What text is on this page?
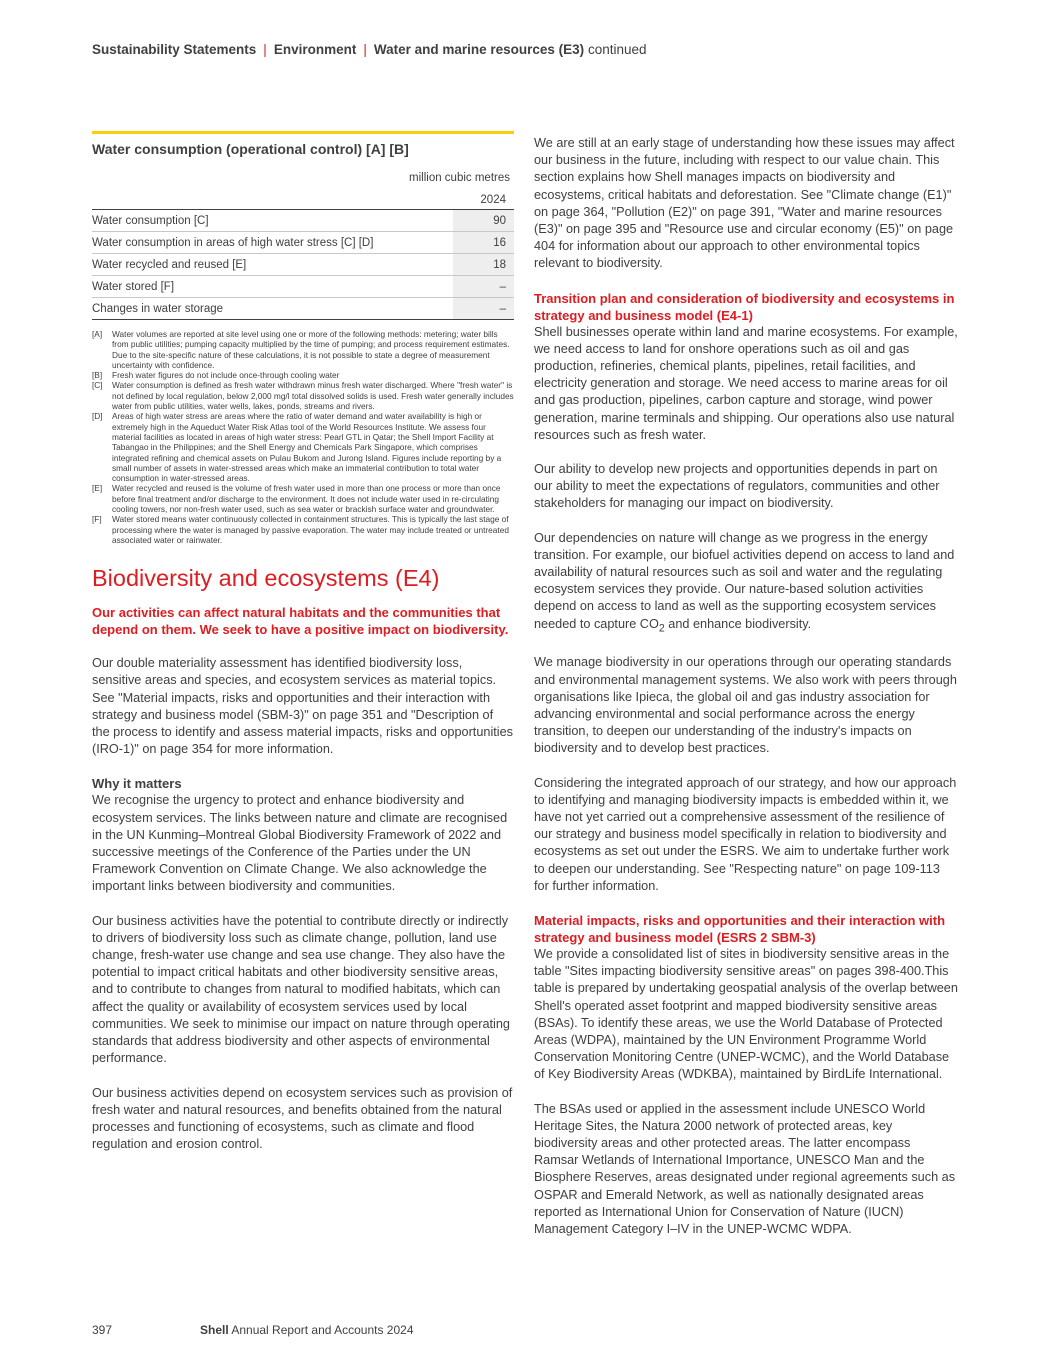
Sustainability Statements | Environment | Water and marine resources (E3) continued
Water consumption (operational control) [A] [B]
million cubic metres
2024
Water consumption [C]	90
Water consumption in areas of high water stress [C] [D]	16
Water recycled and reused [E]	18
Water stored [F]	–
Changes in water storage	–
[A]	Water volumes are reported at site level using one or more of the following methods: metering; water bills from public utilities; pumping capacity multiplied by the time of pumping; and process requirement estimates. Due to the site-specific nature of these calculations, it is not possible to state a degree of measurement uncertainty with confidence.
[B]	Fresh water figures do not include once-through cooling water
[C]	Water consumption is defined as fresh water withdrawn minus fresh water discharged. Where "fresh water" is not defined by local regulation, below 2,000 mg/l total dissolved solids is used. Fresh water generally includes water from public utilities, water wells, lakes, ponds, streams and rivers.
[D]	Areas of high water stress are areas where the ratio of water demand and water availability is high or extremely high in the Aqueduct Water Risk Atlas tool of the World Resources Institute. We assess four material facilities as located in areas of high water stress: Pearl GTL in Qatar; the Shell Import Facility at Tabangao in the Philippines; and the Shell Energy and Chemicals Park Singapore, which comprises integrated refining and chemical assets on Pulau Bukom and Jurong Island. Figures include reporting by a small number of assets in water-stressed areas which make an immaterial contribution to total water consumption in water-stressed areas.
[E]	Water recycled and reused is the volume of fresh water used in more than one process or more than once before final treatment and/or discharge to the environment. It does not include water used in re-circulating cooling towers, nor non-fresh water used, such as sea water or brackish surface water and groundwater.
[F]	Water stored means water continuously collected in containment structures. This is typically the last stage of processing where the water is managed by passive evaporation. The water may include treated or untreated associated water or rainwater.
Biodiversity and ecosystems (E4)

Our activities can affect natural habitats and the communities that depend on them. We seek to have a positive impact on biodiversity.

Our double materiality assessment has identified biodiversity loss, sensitive areas and species, and ecosystem services as material topics. See "Material impacts, risks and opportunities and their interaction with strategy and business model (SBM-3)" on page 351 and "Description of the process to identify and assess material impacts, risks and opportunities (IRO-1)" on page 354 for more information.

Why it matters

We recognise the urgency to protect and enhance biodiversity and ecosystem services. The links between nature and climate are recognised in the UN Kunming–Montreal Global Biodiversity Framework of 2022 and successive meetings of the Conference of the Parties under the UN Framework Convention on Climate Change. We also acknowledge the important links between biodiversity and communities.

Our business activities have the potential to contribute directly or indirectly to drivers of biodiversity loss such as climate change, pollution, land use change, fresh-water use change and sea use change. They also have the potential to impact critical habitats and other biodiversity sensitive areas, and to contribute to changes from natural to modified habitats, which can affect the quality or availability of ecosystem services used by local communities. We seek to minimise our impact on nature through operating standards that address biodiversity and other aspects of environmental performance.

Our business activities depend on ecosystem services such as provision of fresh water and natural resources, and benefits obtained from the natural processes and functioning of ecosystems, such as climate and flood regulation and erosion control.

We are still at an early stage of understanding how these issues may affect our business in the future, including with respect to our value chain. This section explains how Shell manages impacts on biodiversity and ecosystems, critical habitats and deforestation. See "Climate change (E1)" on page 364, "Pollution (E2)" on page 391, "Water and marine resources (E3)" on page 395 and "Resource use and circular economy (E5)" on page 404 for information about our approach to other environmental topics relevant to biodiversity.

Transition plan and consideration of biodiversity and ecosystems in strategy and business model (E4-1)

Shell businesses operate within land and marine ecosystems. For example, we need access to land for onshore operations such as oil and gas production, refineries, chemical plants, pipelines, retail facilities, and electricity generation and storage. We need access to marine areas for oil and gas production, pipelines, carbon capture and storage, wind power generation, marine terminals and shipping. Our operations also use natural resources such as fresh water.

Our ability to develop new projects and opportunities depends in part on our ability to meet the expectations of regulators, communities and other stakeholders for managing our impact on biodiversity.

Our dependencies on nature will change as we progress in the energy transition. For example, our biofuel activities depend on access to land and availability of natural resources such as soil and water and the regulating ecosystem services they provide. Our nature-based solution activities depend on access to land as well as the supporting ecosystem services needed to capture $CO_2$ and enhance biodiversity.

We manage biodiversity in our operations through our operating standards and environmental management systems. We also work with peers through organisations like Ipieca, the global oil and gas industry association for advancing environmental and social performance across the energy transition, to deepen our understanding of the industry's impacts on biodiversity and to develop best practices.

Considering the integrated approach of our strategy, and how our approach to identifying and managing biodiversity impacts is embedded within it, we have not yet carried out a comprehensive assessment of the resilience of our strategy and business model specifically in relation to biodiversity and ecosystems as set out under the ESRS. We aim to undertake further work to deepen our understanding. See "Respecting nature" on page 109-113 for further information.

Material impacts, risks and opportunities and their interaction with strategy and business model (ESRS 2 SBM-3)

We provide a consolidated list of sites in biodiversity sensitive areas in the table "Sites impacting biodiversity sensitive areas" on pages 398-400.This table is prepared by undertaking geospatial analysis of the overlap between Shell's operated asset footprint and mapped biodiversity sensitive areas (BSAs). To identify these areas, we use the World Database of Protected Areas (WDPA), maintained by the UN Environment Programme World Conservation Monitoring Centre (UNEP-WCMC), and the World Database of Key Biodiversity Areas (WDKBA), maintained by BirdLife International.

The BSAs used or applied in the assessment include UNESCO World Heritage Sites, the Natura 2000 network of protected areas, key biodiversity areas and other protected areas. The latter encompass Ramsar Wetlands of International Importance, UNESCO Man and the Biosphere Reserves, areas designated under regional agreements such as OSPAR and Emerald Network, as well as nationally designated areas reported as International Union for Conservation of Nature (IUCN) Management Category I–IV in the UNEP-WCMC WDPA.

397	Shell Annual Report and Accounts 2024
